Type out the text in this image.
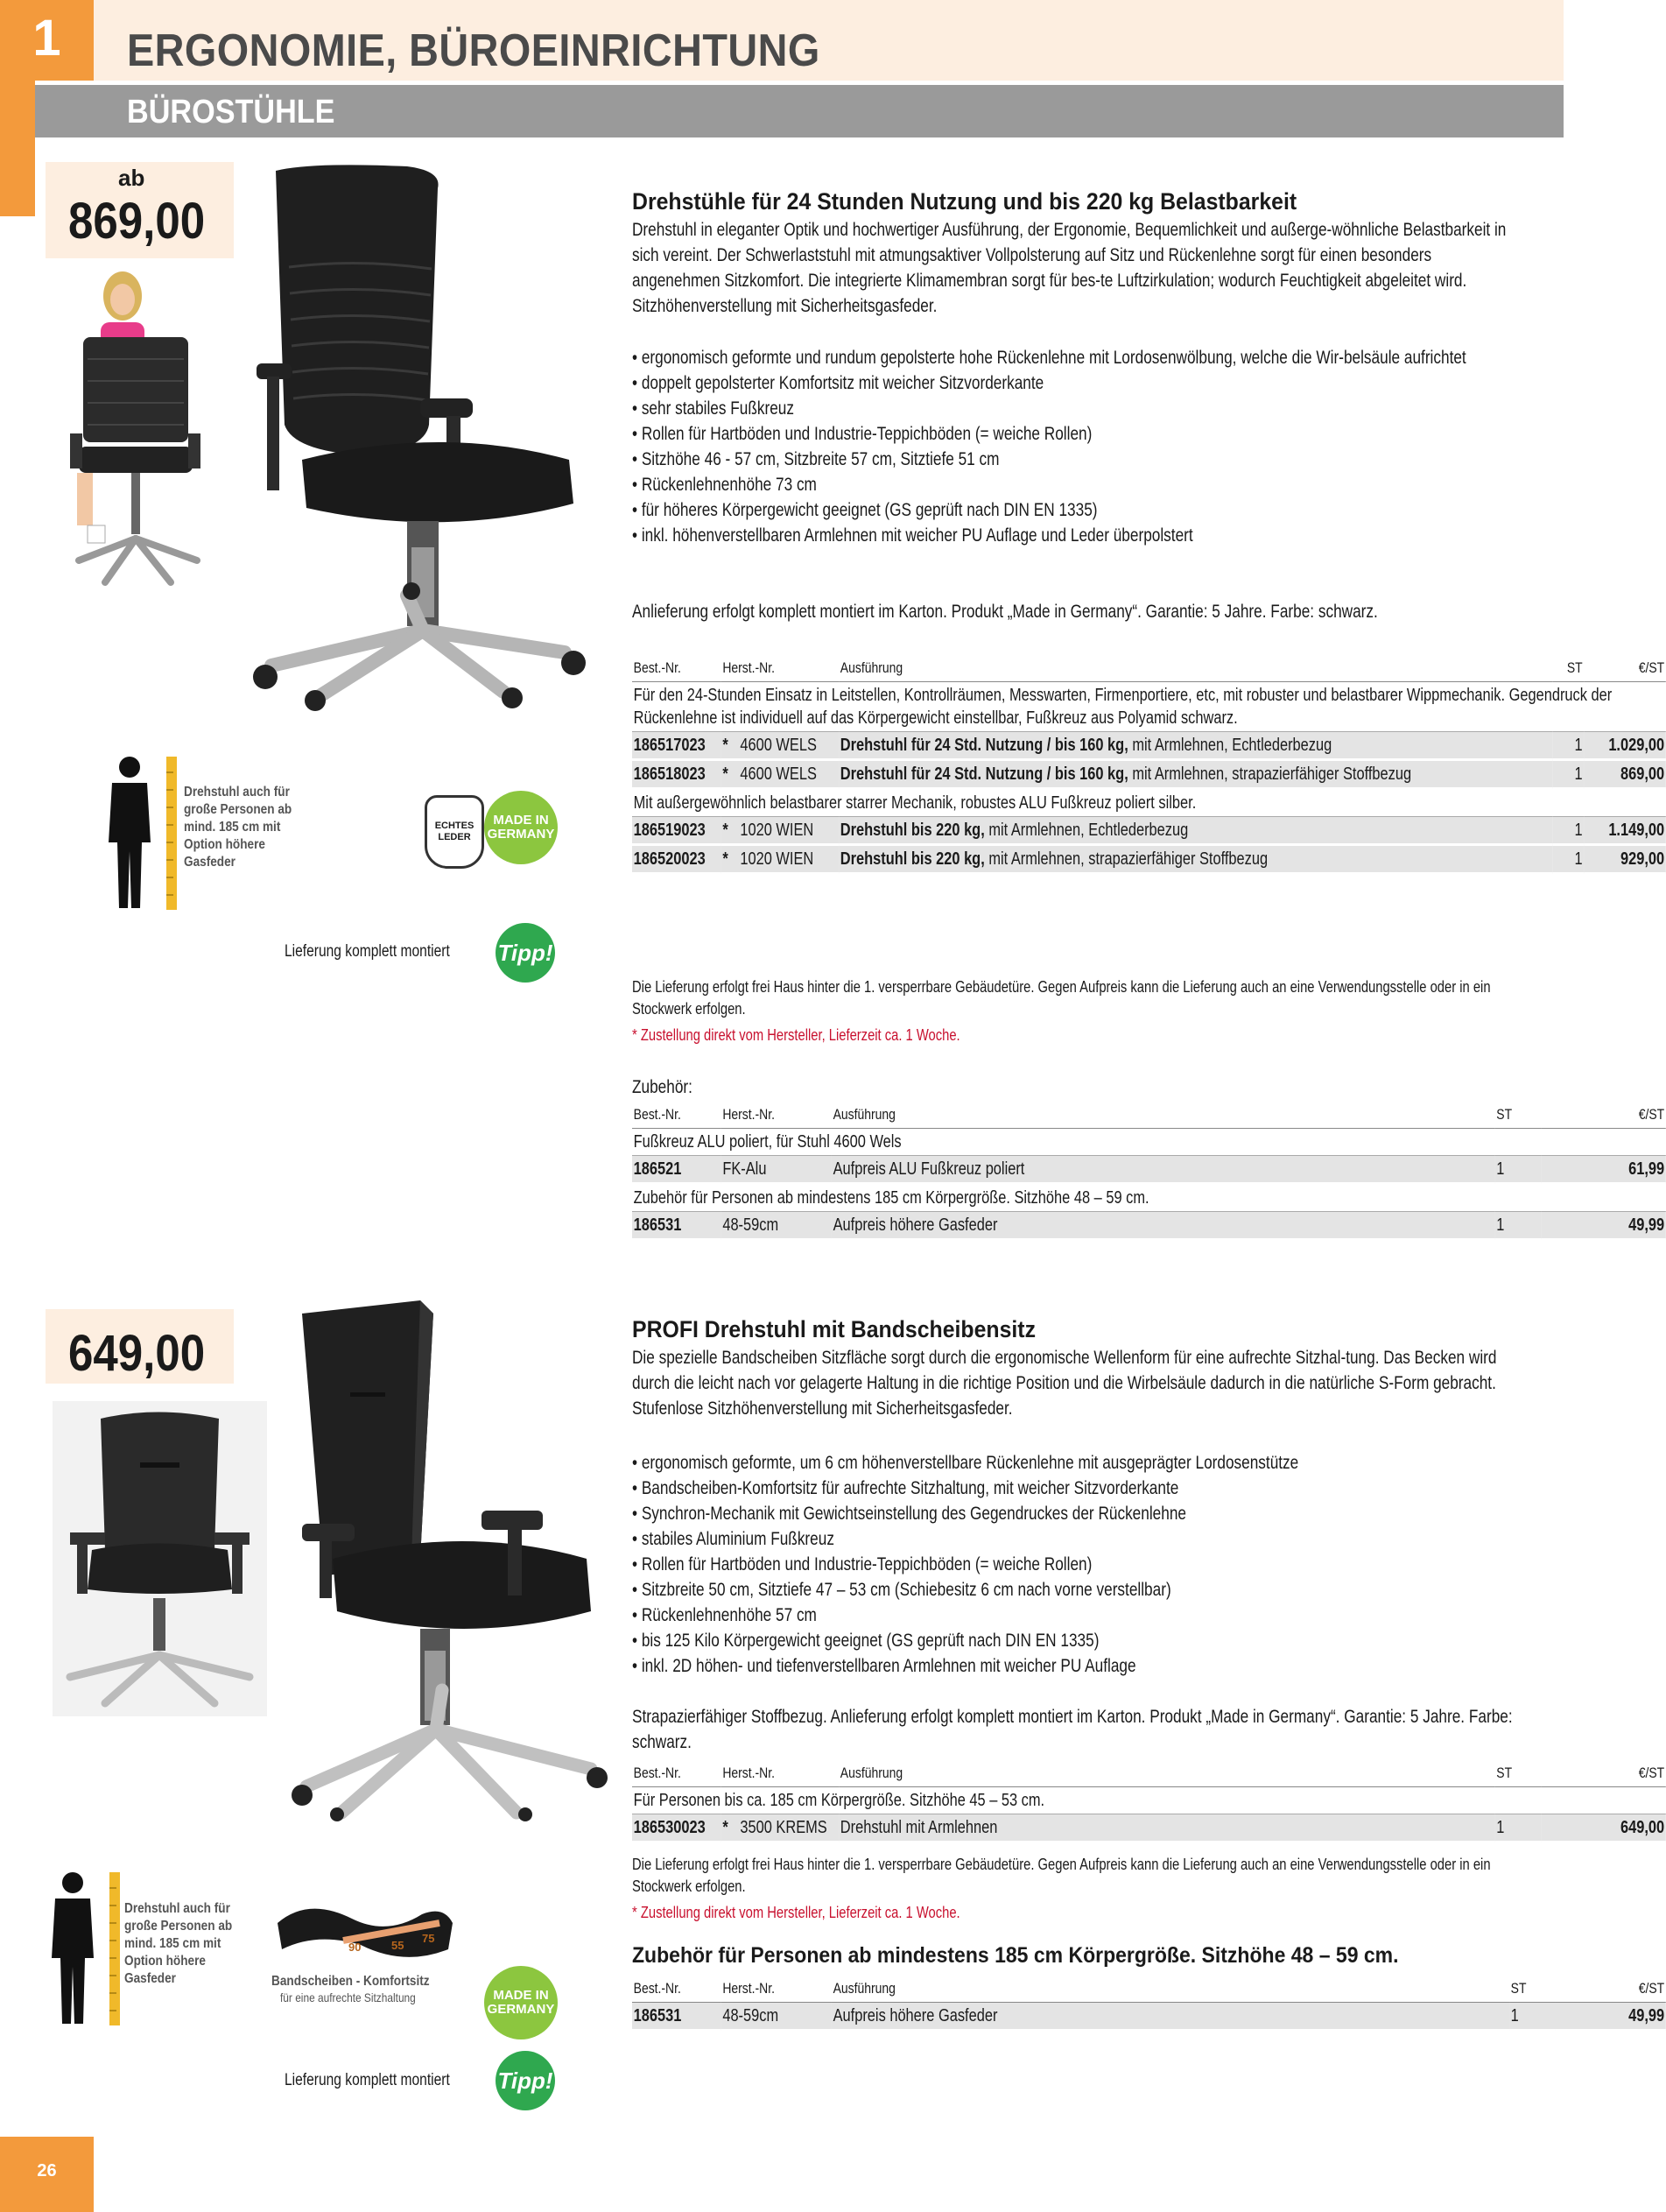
1	ERGONOMIE, BÜROEINRICHTUNG
BÜROSTÜHLE
ab
869,00
Drehstuhl auch für große Personen ab mind. 185 cm mit Option höhere Gasfeder
ECHTES LEDER
MADE IN GERMANY
Lieferung komplett montiert Tipp!
Drehstühle für 24 Stunden Nutzung und bis 220 kg Belastbarkeit
Drehstuhl in eleganter Optik und hochwertiger Ausführung, der Ergonomie, Bequemlichkeit und außerge-wöhnliche Belastbarkeit in sich vereint. Der Schwerlaststuhl mit atmungsaktiver Vollpolsterung auf Sitz und Rückenlehne sorgt für einen besonders angenehmen Sitzkomfort. Die integrierte Klimamembran sorgt für bes-te Luftzirkulation; wodurch Feuchtigkeit abgeleitet wird. Sitzhöhenverstellung mit Sicherheitsgasfeder.
• ergonomisch geformte und rundum gepolsterte hohe Rückenlehne mit Lordosenwölbung, welche die Wir-belsäule aufrichtet
• doppelt gepolsterter Komfortsitz mit weicher Sitzvorderkante
• sehr stabiles Fußkreuz
• Rollen für Hartböden und Industrie-Teppichböden (= weiche Rollen)
• Sitzhöhe 46 - 57 cm, Sitzbreite 57 cm, Sitztiefe 51 cm
• Rückenlehnenhöhe 73 cm
• für höheres Körpergewicht geeignet (GS geprüft nach DIN EN 1335)
• inkl. höhenverstellbaren Armlehnen mit weicher PU Auflage und Leder überpolstert
Anlieferung erfolgt komplett montiert im Karton. Produkt „Made in Germany“. Garantie: 5 Jahre. Farbe: schwarz.
Best.-Nr.	Herst.-Nr.	Ausführung	ST	€/ST
Für den 24-Stunden Einsatz in Leitstellen, Kontrollräumen, Messwarten, Firmenportiere, etc, mit robuster und belastbarer Wippmechanik. Gegendruck der Rückenlehne ist individuell auf das Körpergewicht einstellbar, Fußkreuz aus Polyamid schwarz.				
186517023	* 4600 WELS	Drehstuhl für 24 Std. Nutzung / bis 160 kg, mit Armlehnen, Echtlederbezug	1	1.029,00
186518023	* 4600 WELS	Drehstuhl für 24 Std. Nutzung / bis 160 kg, mit Armlehnen, strapazierfähiger Stoffbezug	1	869,00
Mit außergewöhnlich belastbarer starrer Mechanik, robustes ALU Fußkreuz poliert silber.				
186519023	* 1020 WIEN	Drehstuhl bis 220 kg, mit Armlehnen, Echtlederbezug	1	1.149,00
186520023	* 1020 WIEN	Drehstuhl bis 220 kg, mit Armlehnen, strapazierfähiger Stoffbezug	1	929,00
Die Lieferung erfolgt frei Haus hinter die 1. versperrbare Gebäudetüre. Gegen Aufpreis kann die Lieferung auch an eine Verwendungsstelle oder in ein Stockwerk erfolgen.
* Zustellung direkt vom Hersteller, Lieferzeit ca. 1 Woche.
Zubehör:
Best.-Nr.	Herst.-Nr.	Ausführung	ST	€/ST
Fußkreuz ALU poliert, für Stuhl 4600 Wels				
186521	FK-Alu	Aufpreis ALU Fußkreuz poliert	1	61,99
Zubehör für Personen ab mindestens 185 cm Körpergröße. Sitzhöhe 48 – 59 cm.				
186531	48-59cm	Aufpreis höhere Gasfeder	1	49,99
649,00
Drehstuhl auch für große Personen ab mind. 185 cm mit Option höhere Gasfeder
90	55
75
Bandscheiben - Komfortsitz
für eine aufrechte Sitzhaltung	MADE IN GERMANY
Lieferung komplett montiert Tipp!
PROFI Drehstuhl mit Bandscheibensitz
Die spezielle Bandscheiben Sitzfläche sorgt durch die ergonomische Wellenform für eine aufrechte Sitzhal-tung. Das Becken wird durch die leicht nach vor gelagerte Haltung in die richtige Position und die Wirbelsäule dadurch in die natürliche S-Form gebracht. Stufenlose Sitzhöhenverstellung mit Sicherheitsgasfeder.
• ergonomisch geformte, um 6 cm höhenverstellbare Rückenlehne mit ausgeprägter Lordosenstütze
• Bandscheiben-Komfortsitz für aufrechte Sitzhaltung, mit weicher Sitzvorderkante
• Synchron-Mechanik mit Gewichtseinstellung des Gegendruckes der Rückenlehne
• stabiles Aluminium Fußkreuz
• Rollen für Hartböden und Industrie-Teppichböden (= weiche Rollen)
• Sitzbreite 50 cm, Sitztiefe 47 – 53 cm (Schiebesitz 6 cm nach vorne verstellbar)
• Rückenlehnenhöhe 57 cm
• bis 125 Kilo Körpergewicht geeignet (GS geprüft nach DIN EN 1335)
• inkl. 2D höhen- und tiefenverstellbaren Armlehnen mit weicher PU Auflage
Strapazierfähiger Stoffbezug. Anlieferung erfolgt komplett montiert im Karton. Produkt „Made in Germany“. Garantie: 5 Jahre. Farbe: schwarz.
Best.-Nr.	Herst.-Nr.	Ausführung	ST	€/ST
Für Personen bis ca. 185 cm Körpergröße. Sitzhöhe 45 – 53 cm.				
186530023	* 3500 KREMS	Drehstuhl mit Armlehnen	1	649,00
Die Lieferung erfolgt frei Haus hinter die 1. versperrbare Gebäudetüre. Gegen Aufpreis kann die Lieferung auch an eine Verwendungsstelle oder in ein Stockwerk erfolgen.
* Zustellung direkt vom Hersteller, Lieferzeit ca. 1 Woche.
Zubehör für Personen ab mindestens 185 cm Körpergröße. Sitzhöhe 48 – 59 cm.
Best.-Nr.	Herst.-Nr.	Ausführung	ST	€/ST
186531	48-59cm	Aufpreis höhere Gasfeder	1	49,99
26
